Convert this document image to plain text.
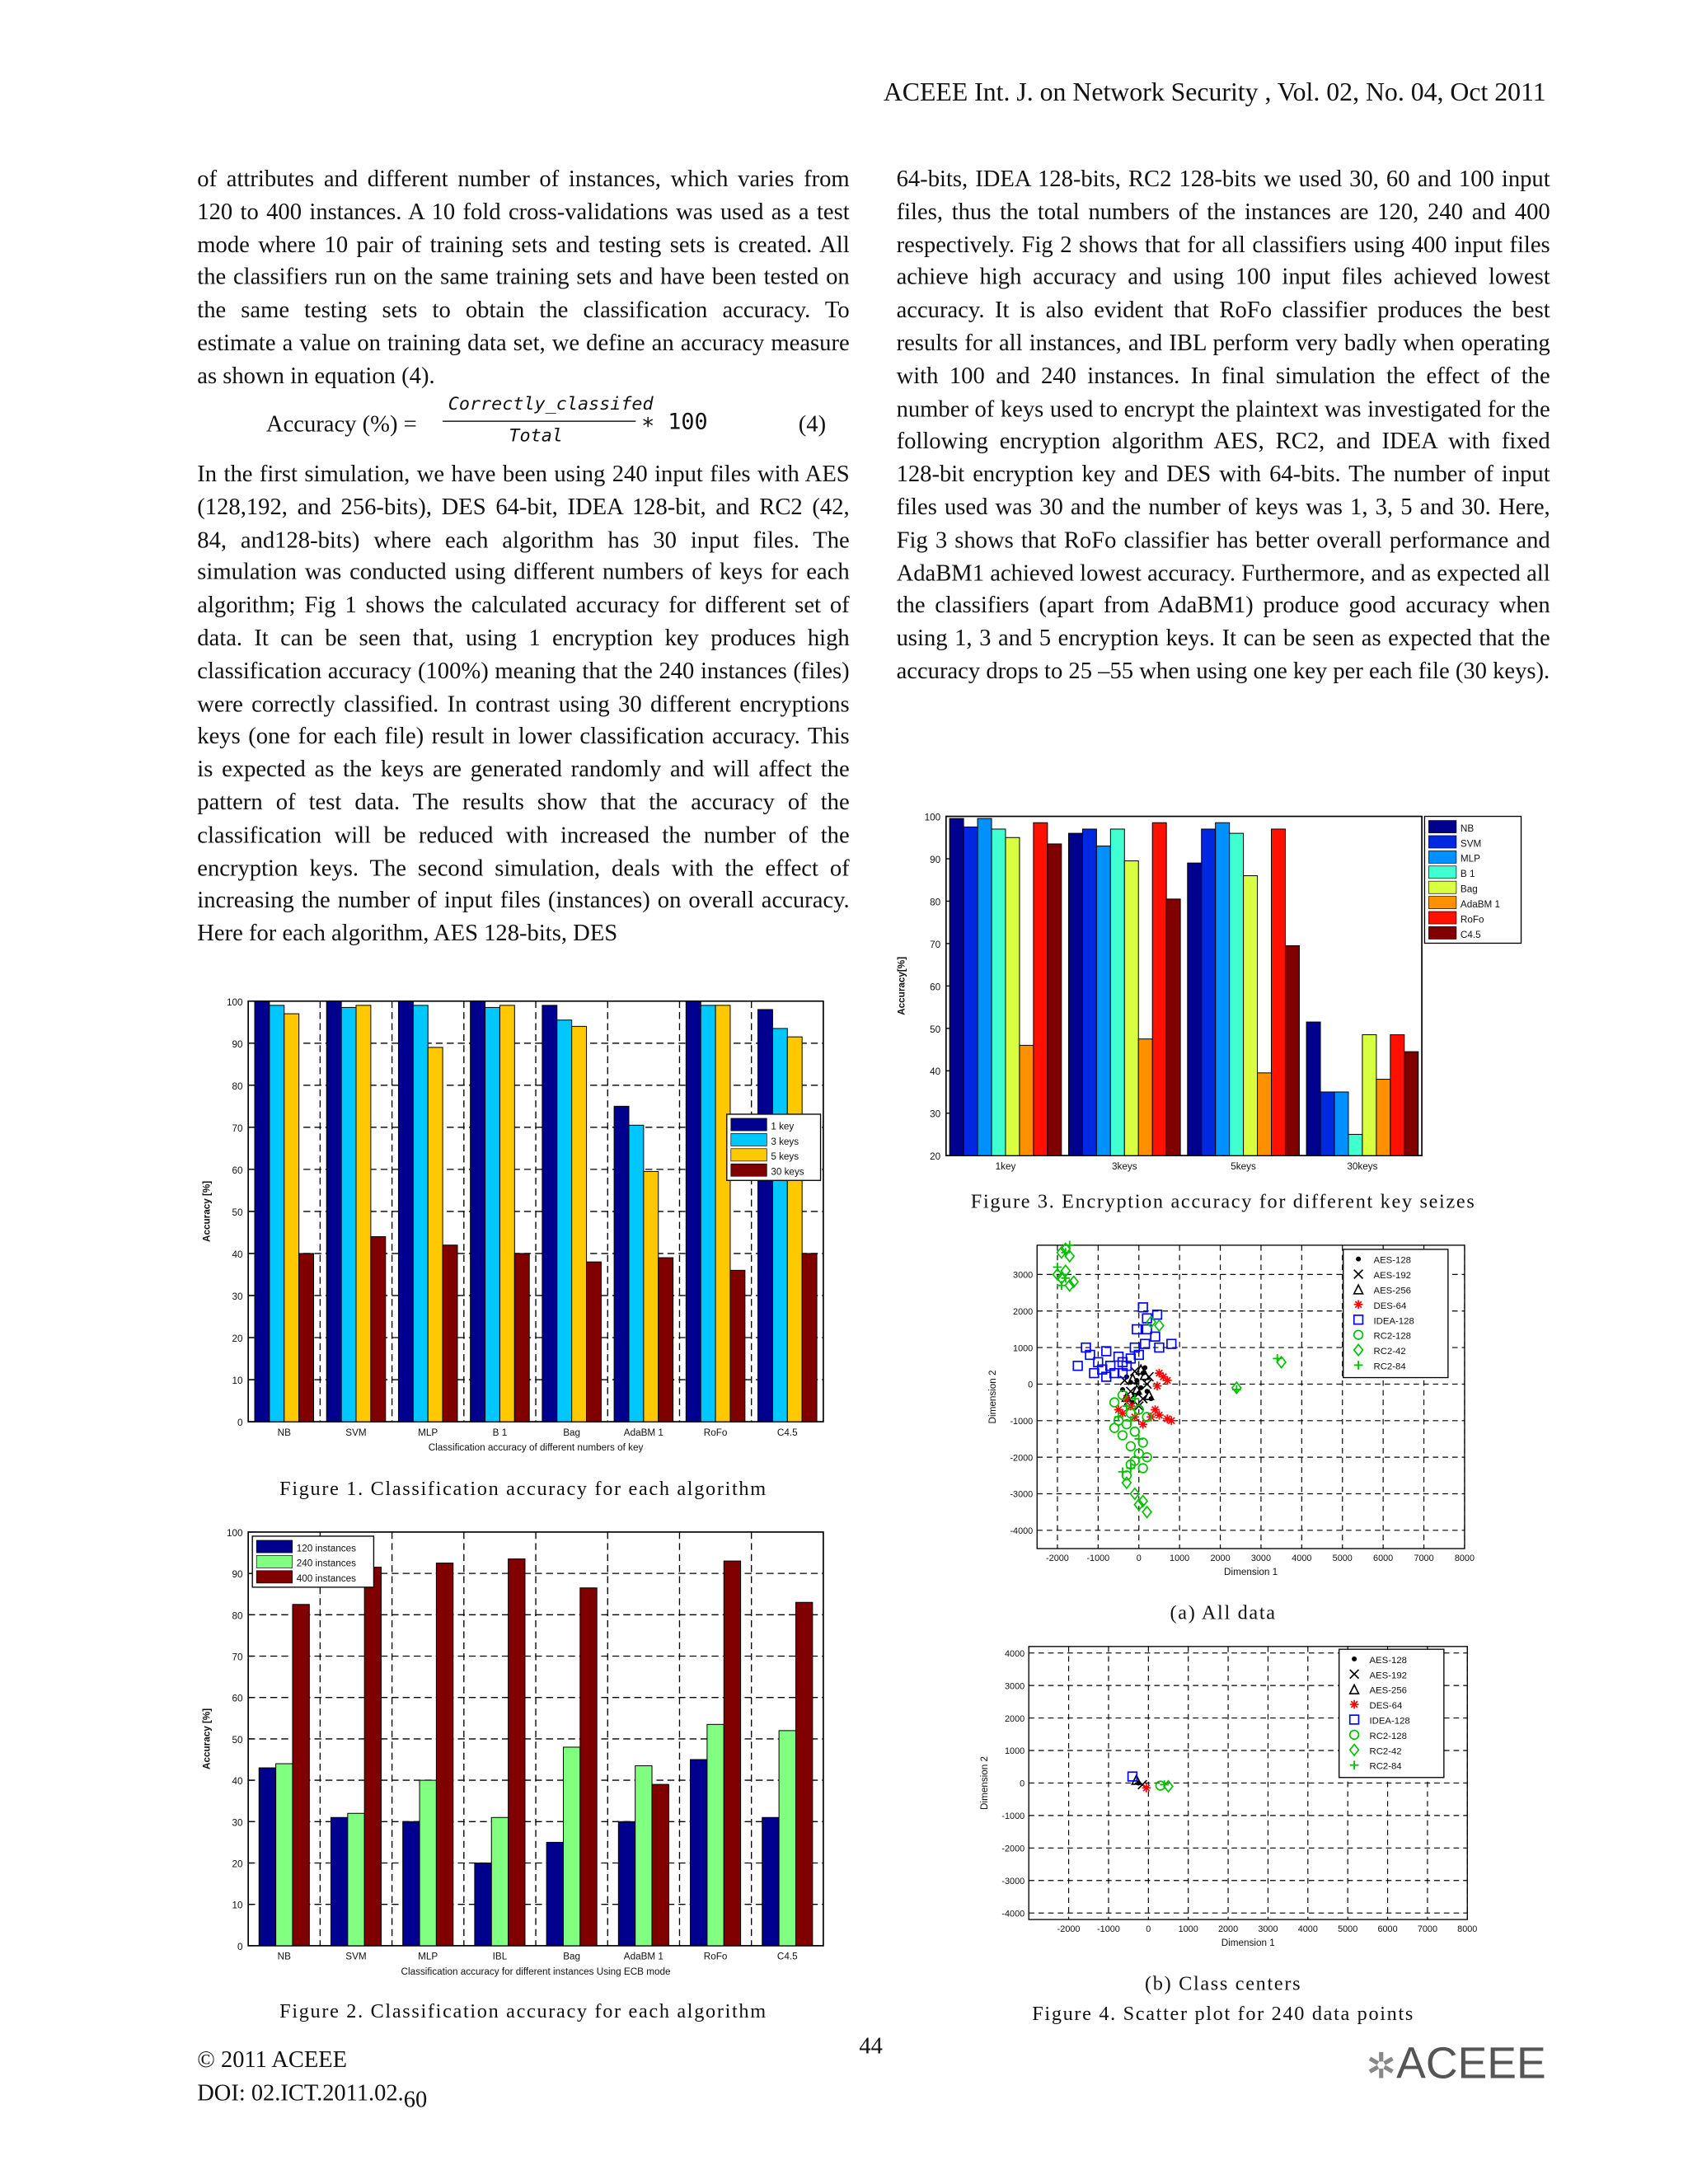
ACEEE Int. J. on Network Security , Vol. 02, No. 04, Oct 2011

of attributes and different number of instances, which varies from 120 to 400 instances. A 10 fold cross-validations was used as a test mode where 10 pair of training sets and testing sets is created. All the classifiers run on the same training sets and have been tested on the same testing sets to obtain the classification accuracy. To estimate a value on training data set, we define an accuracy measure as shown in equation (4).

Accuracy (%) =
Correctly_classifed
Total
∗ 100	(4)

In the first simulation, we have been using 240 input files with AES (128,192, and 256-bits), DES 64-bit, IDEA 128-bit, and RC2 (42, 84, and128-bits) where each algorithm has 30 input files. The simulation was conducted using different numbers of keys for each algorithm; Fig 1 shows the calculated accuracy for different set of data. It can be seen that, using 1 encryption key produces high classification accuracy (100%) meaning that the 240 instances (files) were correctly classified. In contrast using 30 different encryptions keys (one for each file) result in lower classification accuracy. This is expected as the keys are generated randomly and will affect the pattern of test data. The results show that the accuracy of the classification will be reduced with increased the number of the encryption keys. The second simulation, deals with the effect of increasing the number of input files (instances) on overall accuracy. Here for each algorithm, AES 128-bits, DES

64-bits, IDEA 128-bits, RC2 128-bits we used 30, 60 and 100 input files, thus the total numbers of the instances are 120, 240 and 400 respectively. Fig 2 shows that for all classifiers using 400 input files achieve high accuracy and using 100 input files achieved lowest accuracy. It is also evident that RoFo classifier produces the best results for all instances, and IBL perform very badly when operating with 100 and 240 instances. In final simulation the effect of the number of keys used to encrypt the plaintext was investigated for the following encryption algorithm AES, RC2, and IDEA with fixed 128-bit encryption key and DES with 64-bits. The number of input files used was 30 and the number of keys was 1, 3, 5 and 30. Here, Fig 3 shows that RoFo classifier has better overall performance and AdaBM1 achieved lowest accuracy. Furthermore, and as expected all the classifiers (apart from AdaBM1) produce good accuracy when using 1, 3 and 5 encryption keys. It can be seen as expected that the accuracy drops to 25 –55 when using one key per each file (30 keys).

0
10
20
30
40
50
60
70
80
90
100
NB	SVM	MLP	B 1	Bag	AdaBM 1	RoFo	C4.5
Classification accuracy of different numbers of key
Accuracy [%]
1 key
3 keys
5 keys
30 keys
Figure 1. Classification accuracy for each algorithm
0
10
20
30
40
50
60
70
80
90
100
NB	SVM	MLP	IBL	Bag	AdaBM 1	RoFo	C4.5
Classification accuracy for different instances Using ECB mode
Accuracy [%]
120 instances
240 instances
400 instances
Figure 2. Classification accuracy for each algorithm
20
30
40
50
60
70
80
90
100
1key	3keys	5keys	30keys
Accuracy[%]
NB
SVM
MLP
B 1
Bag
AdaBM 1
RoFo
C4.5
Figure 3. Encryption accuracy for different key seizes
-2000	-1000	0	1000	2000	3000	4000	5000	6000	7000	8000
-4000
-3000
-2000
-1000
0
1000
2000
3000
Dimension 1
Dimension 2
AES-128
AES-192
AES-256
DES-64
IDEA-128
RC2-128
RC2-42
RC2-84
(a) All data
-2000	-1000	0	1000	2000	3000	4000	5000	6000	7000	8000
-4000
-3000
-2000
-1000
0
1000
2000
3000
4000
Dimension 1
Dimension 2
AES-128
AES-192
AES-256
DES-64
IDEA-128
RC2-128
RC2-42
RC2-84
(b) Class centers
Figure 4. Scatter plot for 240 data points
© 2011 ACEEE
DOI: 02.ICT.2011.02.60
44	✲ACEEE
